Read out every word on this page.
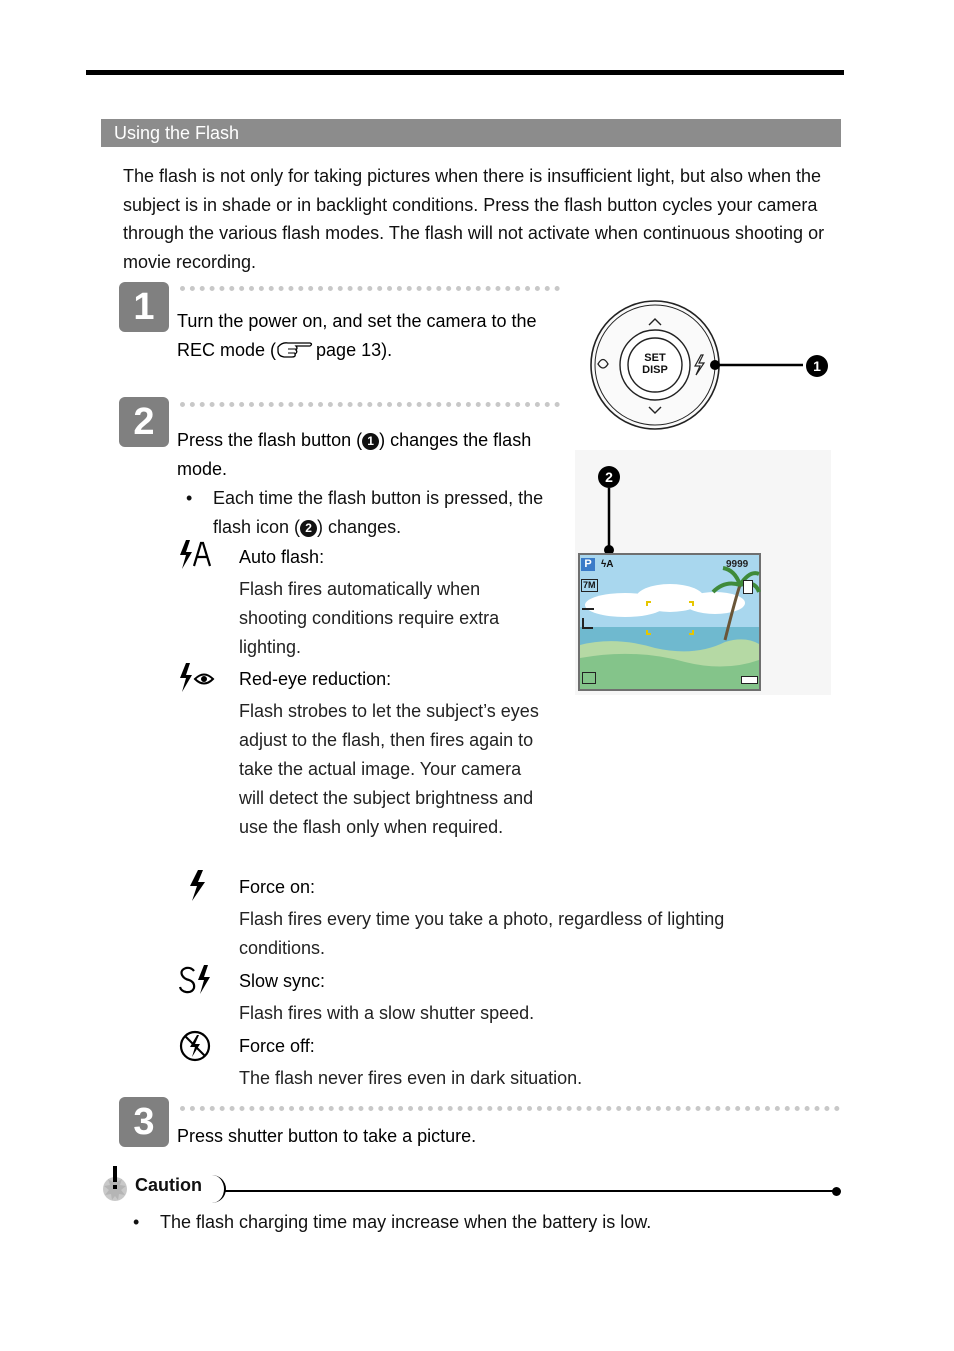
Using the Flash
The flash is not only for taking pictures when there is insufficient light, but also when the subject is in shade or in backlight conditions. Press the flash button cycles your camera through the various flash modes. The flash will not activate when continuous shooting or movie recording.
1	Turn the power on, and set the camera to the REC mode ( page 13).
2	Press the flash button ( 1 ) changes the flash mode.
• Each time the flash button is pressed, the flash icon ( 2 ) changes.
Auto flash:
Flash fires automatically when shooting conditions require extra lighting.
Red-eye reduction:
Flash strobes to let the subject’s eyes adjust to the flash, then fires again to take the actual image. Your camera will detect the subject brightness and use the flash only when required.
Force on:
Flash fires every time you take a photo, regardless of lighting conditions.
Slow sync:
Flash fires with a slow shutter speed.
Force off:
The flash never fires even in dark situation.
3	Press shutter button to take a picture.
SET
DISP	1
2
P ϟA	9999
7M
Caution
• The flash charging time may increase when the battery is low.
